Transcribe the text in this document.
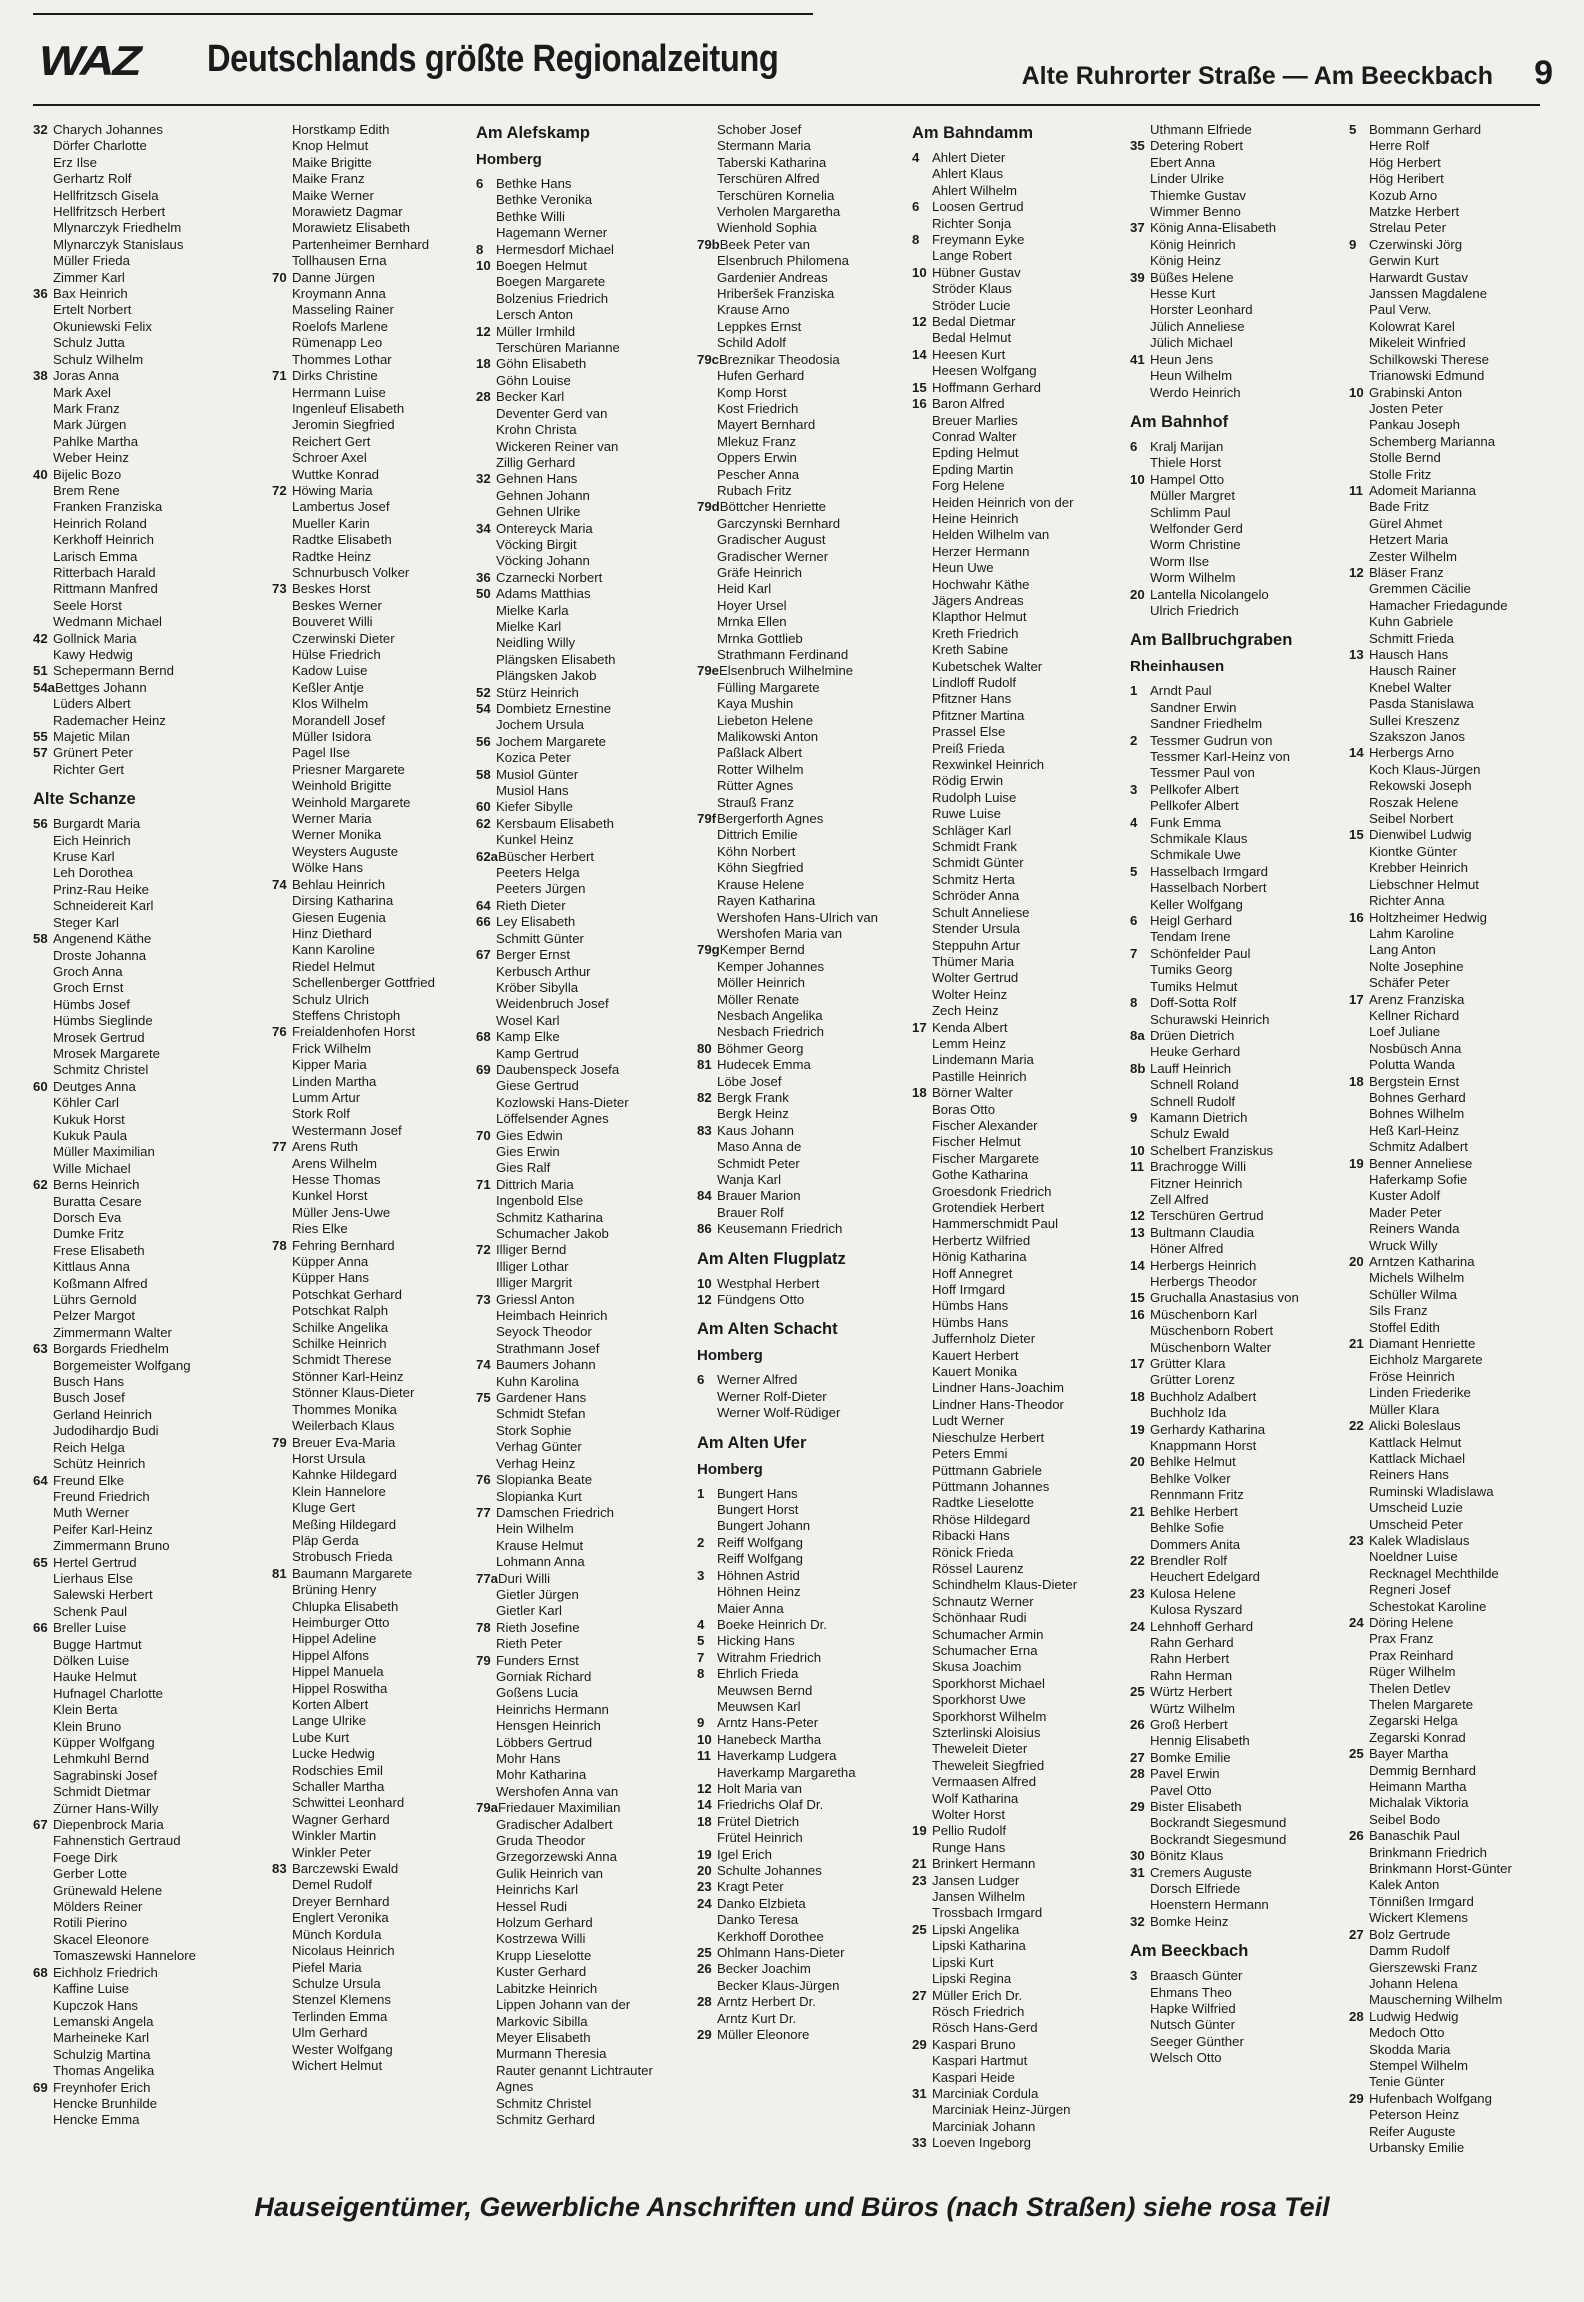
WAZ Deutschlands größte Regionalzeitung	Alte Ruhrorter Straße — Am Beeckbach 9
32 Charych Johannes
Dörfer Charlotte
Erz Ilse
Gerhartz Rolf
Hellfritzsch Gisela
Hellfritzsch Herbert
Mlynarczyk Friedhelm
Mlynarczyk Stanislaus
Müller Frieda
Zimmer Karl
36 Bax Heinrich
Ertelt Norbert
Okuniewski Felix
Schulz Jutta
Schulz Wilhelm
38 Joras Anna
Mark Axel
Mark Franz
Mark Jürgen
Pahlke Martha
Weber Heinz
40 Bijelic Bozo
Brem Rene
Franken Franziska
Heinrich Roland
Kerkhoff Heinrich
Larisch Emma
Ritterbach Harald
Rittmann Manfred
Seele Horst
Wedmann Michael
42 Gollnick Maria
Kawy Hedwig
51 Schepermann Bernd
54aBettges Johann
Lüders Albert
Rademacher Heinz
55 Majetic Milan
57 Grünert Peter
Richter Gert
Alte Schanze
56 Burgardt Maria
Eich Heinrich
Kruse Karl
Leh Dorothea
Prinz-Rau Heike
Schneidereit Karl
Steger Karl
58 Angenend Käthe
Droste Johanna
Groch Anna
Groch Ernst
Hümbs Josef
Hümbs Sieglinde
Mrosek Gertrud
Mrosek Margarete
Schmitz Christel
60 Deutges Anna
Köhler Carl
Kukuk Horst
Kukuk Paula
Müller Maximilian
Wille Michael
62 Berns Heinrich
Buratta Cesare
Dorsch Eva
Dumke Fritz
Frese Elisabeth
Kittlaus Anna
Koßmann Alfred
Lührs Gernold
Pelzer Margot
Zimmermann Walter
63 Borgards Friedhelm
Borgemeister Wolfgang
Busch Hans
Busch Josef
Gerland Heinrich
Judodihardjo Budi
Reich Helga
Schütz Heinrich
64 Freund Elke
Freund Friedrich
Muth Werner
Peifer Karl-Heinz
Zimmermann Bruno
65 Hertel Gertrud
Lierhaus Else
Salewski Herbert
Schenk Paul
66 Breller Luise
Bugge Hartmut
Dölken Luise
Hauke Helmut
Hufnagel Charlotte
Klein Berta
Klein Bruno
Küpper Wolfgang
Lehmkuhl Bernd
Sagrabinski Josef
Schmidt Dietmar
Zürner Hans-Willy
67 Diepenbrock Maria
Fahnenstich Gertraud
Foege Dirk
Gerber Lotte
Grünewald Helene
Mölders Reiner
Rotili Pierino
Skacel Eleonore
Tomaszewski Hannelore
68 Eichholz Friedrich
Kaffine Luise
Kupczok Hans
Lemanski Angela
Marheineke Karl
Schulzig Martina
Thomas Angelika
69 Freynhofer Erich
Hencke Brunhilde
Hencke Emma
Horstkamp Edith
Knop Helmut
Maike Brigitte
Maike Franz
Maike Werner
Morawietz Dagmar
Morawietz Elisabeth
Partenheimer Bernhard
Tollhausen Erna
70 Danne Jürgen
Kroymann Anna
Masseling Rainer
Roelofs Marlene
Rümenapp Leo
Thommes Lothar
71 Dirks Christine
Herrmann Luise
Ingenleuf Elisabeth
Jeromin Siegfried
Reichert Gert
Schroer Axel
Wuttke Konrad
72 Höwing Maria
Lambertus Josef
Mueller Karin
Radtke Elisabeth
Radtke Heinz
Schnurbusch Volker
73 Beskes Horst
Beskes Werner
Bouveret Willi
Czerwinski Dieter
Hülse Friedrich
Kadow Luise
Keßler Antje
Klos Wilhelm
Morandell Josef
Müller Isidora
Pagel Ilse
Priesner Margarete
Weinhold Brigitte
Weinhold Margarete
Werner Maria
Werner Monika
Weysters Auguste
Wölke Hans
74 Behlau Heinrich
Dirsing Katharina
Giesen Eugenia
Hinz Diethard
Kann Karoline
Riedel Helmut
Schellenberger Gottfried
Schulz Ulrich
Steffens Christoph
76 Freialdenhofen Horst
Frick Wilhelm
Kipper Maria
Linden Martha
Lumm Artur
Stork Rolf
Westermann Josef
77 Arens Ruth
Arens Wilhelm
Hesse Thomas
Kunkel Horst
Müller Jens-Uwe
Ries Elke
78 Fehring Bernhard
Küpper Anna
Küpper Hans
Potschkat Gerhard
Potschkat Ralph
Schilke Angelika
Schilke Heinrich
Schmidt Therese
Stönner Karl-Heinz
Stönner Klaus-Dieter
Thommes Monika
Weilerbach Klaus
79 Breuer Eva-Maria
Horst Ursula
Kahnke Hildegard
Klein Hannelore
Kluge Gert
Meßing Hildegard
Pläp Gerda
Strobusch Frieda
81 Baumann Margarete
Brüning Henry
Chlupka Elisabeth
Heimburger Otto
Hippel Adeline
Hippel Alfons
Hippel Manuela
Hippel Roswitha
Korten Albert
Lange Ulrike
Lube Kurt
Lucke Hedwig
Rodschies Emil
Schaller Martha
Schwittei Leonhard
Wagner Gerhard
Winkler Martin
Winkler Peter
83 Barczewski Ewald
Demel Rudolf
Dreyer Bernhard
Englert Veronika
Münch KorduIa
Nicolaus Heinrich
Piefel Maria
Schulze Ursula
Stenzel Klemens
Terlinden Emma
Ulm Gerhard
Wester Wolfgang
Wichert Helmut
Am Alefskamp
Homberg
6 Bethke Hans
Bethke Veronika
Bethke Willi
Hagemann Werner
8 Hermesdorf Michael
10 Boegen Helmut
Boegen Margarete
Bolzenius Friedrich
Lersch Anton
12 Müller Irmhild
Terschüren Marianne
18 Göhn Elisabeth
Göhn Louise
28 Becker Karl
Deventer Gerd van
Krohn Christa
Wickeren Reiner van
Zillig Gerhard
32 Gehnen Hans
Gehnen Johann
Gehnen Ulrike
34 Ontereyck Maria
Vöcking Birgit
Vöcking Johann
36 Czarnecki Norbert
50 Adams Matthias
Mielke Karla
Mielke Karl
Neidling Willy
Plängsken Elisabeth
Plängsken Jakob
52 Stürz Heinrich
54 Dombietz Ernestine
Jochem Ursula
56 Jochem Margarete
Kozica Peter
58 Musiol Günter
Musiol Hans
60 Kiefer Sibylle
62 Kersbaum Elisabeth
Kunkel Heinz
62aBüscher Herbert
Peeters Helga
Peeters Jürgen
64 Rieth Dieter
66 Ley Elisabeth
Schmitt Günter
67 Berger Ernst
Kerbusch Arthur
Kröber Sibylla
Weidenbruch Josef
Wosel Karl
68 Kamp Elke
Kamp Gertrud
69 Daubenspeck Josefa
Giese Gertrud
Kozlowski Hans-Dieter
Löffelsender Agnes
70 Gies Edwin
Gies Erwin
Gies Ralf
71 Dittrich Maria
Ingenbold Else
Schmitz Katharina
Schumacher Jakob
72 Illiger Bernd
Illiger Lothar
Illiger Margrit
73 Griessl Anton
Heimbach Heinrich
Seyock Theodor
Strathmann Josef
74 Baumers Johann
Kuhn Karolina
75 Gardener Hans
Schmidt Stefan
Stork Sophie
Verhag Günter
Verhag Heinz
76 Slopianka Beate
Slopianka Kurt
77 Damschen Friedrich
Hein Wilhelm
Krause Helmut
Lohmann Anna
77aDuri Willi
Gietler Jürgen
Gietler Karl
78 Rieth Josefine
Rieth Peter
79 Funders Ernst
Gorniak Richard
Goßens Lucia
Heinrichs Hermann
Hensgen Heinrich
Löbbers Gertrud
Mohr Hans
Mohr Katharina
Wershofen Anna van
79aFriedauer Maximilian
Gradischer Adalbert
Gruda Theodor
Grzegorzewski Anna
Gulik Heinrich van
Heinrichs Karl
Hessel Rudi
Holzum Gerhard
Kostrzewa Willi
Krupp Lieselotte
Kuster Gerhard
Labitzke Heinrich
Lippen Johann van der
Markovic Sibilla
Meyer Elisabeth
Murmann Theresia
Rauter genannt Lichtrauter
Agnes
Schmitz Christel
Schmitz Gerhard
Schober Josef
Stermann Maria
Taberski Katharina
Terschüren Alfred
Terschüren Kornelia
Verholen Margaretha
Wienhold Sophia
79bBeek Peter van
Elsenbruch Philomena
Gardenier Andreas
Hriberšek Franziska
Krause Arno
Leppkes Ernst
Schild Adolf
79cBreznikar Theodosia
Hufen Gerhard
Komp Horst
Kost Friedrich
Mayert Bernhard
Mlekuz Franz
Oppers Erwin
Pescher Anna
Rubach Fritz
79dBöttcher Henriette
Garczynski Bernhard
Gradischer August
Gradischer Werner
Gräfe Heinrich
Heid Karl
Hoyer Ursel
Mrnka Ellen
Mrnka Gottlieb
Strathmann Ferdinand
79eElsenbruch Wilhelmine
Fülling Margarete
Kaya Mushin
Liebeton Helene
Malikowski Anton
Paßlack Albert
Rotter Wilhelm
Rütter Agnes
Strauß Franz
79fBergerforth Agnes
Dittrich Emilie
Köhn Norbert
Köhn Siegfried
Krause Helene
Rayen Katharina
Wershofen Hans-Ulrich van
Wershofen Maria van
79gKemper Bernd
Kemper Johannes
Möller Heinrich
Möller Renate
Nesbach Angelika
Nesbach Friedrich
80 Böhmer Georg
81 Hudecek Emma
Löbe Josef
82 Bergk Frank
Bergk Heinz
83 Kaus Johann
Maso Anna de
Schmidt Peter
Wanja Karl
84 Brauer Marion
Brauer Rolf
86 Keusemann Friedrich
Am Alten Flugplatz
10 Westphal Herbert
12 Fündgens Otto
Am Alten Schacht
Homberg
6 Werner Alfred
Werner Rolf-Dieter
Werner Wolf-Rüdiger
Am Alten Ufer
Homberg
1 Bungert Hans
Bungert Horst
Bungert Johann
2 Reiff Wolfgang
Reiff Wolfgang
3 Höhnen Astrid
Höhnen Heinz
Maier Anna
4 Boeke Heinrich Dr.
5 Hicking Hans
7 Witrahm Friedrich
8 Ehrlich Frieda
Meuwsen Bernd
Meuwsen Karl
9 Arntz Hans-Peter
10 Hanebeck Martha
11 Haverkamp Ludgera
Haverkamp Margaretha
12 Holt Maria van
14 Friedrichs Olaf Dr.
18 Frütel Dietrich
Frütel Heinrich
19 Igel Erich
20 Schulte Johannes
23 Kragt Peter
24 Danko Elzbieta
Danko Teresa
Kerkhoff Dorothee
25 Ohlmann Hans-Dieter
26 Becker Joachim
Becker Klaus-Jürgen
28 Arntz Herbert Dr.
Arntz Kurt Dr.
29 Müller Eleonore
Am Bahndamm
4 Ahlert Dieter
Ahlert Klaus
Ahlert Wilhelm
6 Loosen Gertrud
Richter Sonja
8 Freymann Eyke
Lange Robert
10 Hübner Gustav
Ströder Klaus
Ströder Lucie
12 Bedal Dietmar
Bedal Helmut
14 Heesen Kurt
Heesen Wolfgang
15 Hoffmann Gerhard
16 Baron Alfred
Breuer Marlies
Conrad Walter
Epding Helmut
Epding Martin
Forg Helene
Heiden Heinrich von der
Heine Heinrich
Helden Wilhelm van
Herzer Hermann
Heun Uwe
Hochwahr Käthe
Jägers Andreas
Klapthor Helmut
Kreth Friedrich
Kreth Sabine
Kubetschek Walter
Lindloff Rudolf
Pfitzner Hans
Pfitzner Martina
Prassel Else
Preiß Frieda
Rexwinkel Heinrich
Rödig Erwin
Rudolph Luise
Ruwe Luise
Schläger Karl
Schmidt Frank
Schmidt Günter
Schmitz Herta
Schröder Anna
Schult Anneliese
Stender Ursula
Steppuhn Artur
Thümer Maria
Wolter Gertrud
Wolter Heinz
Zech Heinz
17 Kenda Albert
Lemm Heinz
Lindemann Maria
Pastille Heinrich
18 Börner Walter
Boras Otto
Fischer Alexander
Fischer Helmut
Fischer Margarete
Gothe Katharina
Groesdonk Friedrich
Grotendiek Herbert
Hammerschmidt Paul
Herbertz Wilfried
Hönig Katharina
Hoff Annegret
Hoff Irmgard
Hümbs Hans
Hümbs Hans
Juffernholz Dieter
Kauert Herbert
Kauert Monika
Lindner Hans-Joachim
Lindner Hans-Theodor
Ludt Werner
Nieschulze Herbert
Peters Emmi
Püttmann Gabriele
Püttmann Johannes
Radtke Lieselotte
Rhöse Hildegard
Ribacki Hans
Rönick Frieda
Rössel Laurenz
Schindhelm Klaus-Dieter
Schnautz Werner
Schönhaar Rudi
Schumacher Armin
Schumacher Erna
Skusa Joachim
Sporkhorst Michael
Sporkhorst Uwe
Sporkhorst Wilhelm
Szterlinski Aloisius
Theweleit Dieter
Theweleit Siegfried
Vermaasen Alfred
Wolf Katharina
Wolter Horst
19 Pellio Rudolf
Runge Hans
21 Brinkert Hermann
23 Jansen Ludger
Jansen Wilhelm
Trossbach Irmgard
25 Lipski Angelika
Lipski Katharina
Lipski Kurt
Lipski Regina
27 Müller Erich Dr.
Rösch Friedrich
Rösch Hans-Gerd
29 Kaspari Bruno
Kaspari Hartmut
Kaspari Heide
31 Marciniak Cordula
Marciniak Heinz-Jürgen
Marciniak Johann
33 Loeven Ingeborg
Uthmann Elfriede
35 Detering Robert
Ebert Anna
Linder Ulrike
Thiemke Gustav
Wimmer Benno
37 König Anna-Elisabeth
König Heinrich
König Heinz
39 Büßes Helene
Hesse Kurt
Horster Leonhard
Jülich Anneliese
Jülich Michael
41 Heun Jens
Heun Wilhelm
Werdo Heinrich
Am Bahnhof
6 Kralj Marijan
Thiele Horst
10 Hampel Otto
Müller Margret
Schlimm Paul
Welfonder Gerd
Worm Christine
Worm Ilse
Worm Wilhelm
20 Lantella Nicolangelo
Ulrich Friedrich
Am Ballbruchgraben
Rheinhausen
1 Arndt Paul
Sandner Erwin
Sandner Friedhelm
2 Tessmer Gudrun von
Tessmer Karl-Heinz von
Tessmer Paul von
3 Pellkofer Albert
Pellkofer Albert
4 Funk Emma
Schmikale Klaus
Schmikale Uwe
5 Hasselbach Irmgard
Hasselbach Norbert
Keller Wolfgang
6 Heigl Gerhard
Tendam Irene
7 Schönfelder Paul
Tumiks Georg
Tumiks Helmut
8 Doff-Sotta Rolf
Schurawski Heinrich
8a Drüen Dietrich
Heuke Gerhard
8b Lauff Heinrich
Schnell Roland
Schnell Rudolf
9 Kamann Dietrich
Schulz Ewald
10 Schelbert Franziskus
11 Brachrogge Willi
Fitzner Heinrich
Zell Alfred
12 Terschüren Gertrud
13 Bultmann Claudia
Höner Alfred
14 Herbergs Heinrich
Herbergs Theodor
15 Gruchalla Anastasius von
16 Müschenborn Karl
Müschenborn Robert
Müschenborn Walter
17 Grütter Klara
Grütter Lorenz
18 Buchholz Adalbert
Buchholz Ida
19 Gerhardy Katharina
Knappmann Horst
20 Behlke Helmut
Behlke Volker
Rennmann Fritz
21 Behlke Herbert
Behlke Sofie
Dommers Anita
22 Brendler Rolf
Heuchert Edelgard
23 Kulosa Helene
Kulosa Ryszard
24 Lehnhoff Gerhard
Rahn Gerhard
Rahn Herbert
Rahn Herman
25 Würtz Herbert
Würtz Wilhelm
26 Groß Herbert
Hennig Elisabeth
27 Bomke Emilie
28 Pavel Erwin
Pavel Otto
29 Bister Elisabeth
Bockrandt Siegesmund
Bockrandt Siegesmund
30 Bönitz Klaus
31 Cremers Auguste
Dorsch Elfriede
Hoenstern Hermann
32 Bomke Heinz
Am Beeckbach
3 Braasch Günter
Ehmans Theo
Hapke Wilfried
Nutsch Günter
Seeger Günther
Welsch Otto
5 Bommann Gerhard
Herre Rolf
Hög Herbert
Hög Heribert
Kozub Arno
Matzke Herbert
Strelau Peter
9 Czerwinski Jörg
Gerwin Kurt
Harwardt Gustav
Janssen Magdalene
Paul Verw.
Kolowrat Karel
Mikeleit Winfried
Schilkowski Therese
Trianowski Edmund
10 Grabinski Anton
Josten Peter
Pankau Joseph
Schemberg Marianna
Stolle Bernd
Stolle Fritz
11 Adomeit Marianna
Bade Fritz
Gürel Ahmet
Hetzert Maria
Zester Wilhelm
12 Bläser Franz
Gremmen Cäcilie
Hamacher Friedagunde
Kuhn Gabriele
Schmitt Frieda
13 Hausch Hans
Hausch Rainer
Knebel Walter
Pasda Stanislawa
Sullei Kreszenz
Szakszon Janos
14 Herbergs Arno
Koch Klaus-Jürgen
Rekowski Joseph
Roszak Helene
Seibel Norbert
15 Dienwibel Ludwig
Kiontke Günter
Krebber Heinrich
Liebschner Helmut
Richter Anna
16 Holtzheimer Hedwig
Lahm Karoline
Lang Anton
Nolte Josephine
Schäfer Peter
17 Arenz Franziska
Kellner Richard
Loef Juliane
Nosbüsch Anna
Polutta Wanda
18 Bergstein Ernst
Bohnes Gerhard
Bohnes Wilhelm
Heß Karl-Heinz
Schmitz Adalbert
19 Benner Anneliese
Haferkamp Sofie
Kuster Adolf
Mader Peter
Reiners Wanda
Wruck Willy
20 Arntzen Katharina
Michels Wilhelm
Schüller Wilma
Sils Franz
Stoffel Edith
21 Diamant Henriette
Eichholz Margarete
Fröse Heinrich
Linden Friederike
Müller Klara
22 Alicki Boleslaus
Kattlack Helmut
Kattlack Michael
Reiners Hans
Ruminski Wladislawa
Umscheid Luzie
Umscheid Peter
23 Kalek Wladislaus
Noeldner Luise
Recknagel Mechthilde
Regneri Josef
Schestokat Karoline
24 Döring Helene
Prax Franz
Prax Reinhard
Rüger Wilhelm
Thelen Detlev
Thelen Margarete
Zegarski Helga
Zegarski Konrad
25 Bayer Martha
Demmig Bernhard
Heimann Martha
Michalak Viktoria
Seibel Bodo
26 Banaschik Paul
Brinkmann Friedrich
Brinkmann Horst-Günter
Kalek Anton
Tönnißen Irmgard
Wickert Klemens
27 Bolz Gertrude
Damm Rudolf
Gierszewski Franz
Johann Helena
Mauscherning Wilhelm
28 Ludwig Hedwig
Medoch Otto
Skodda Maria
Stempel Wilhelm
Tenie Günter
29 Hufenbach Wolfgang
Peterson Heinz
Reifer Auguste
Urbansky Emilie
Hauseigentümer, Gewerbliche Anschriften und Büros (nach Straßen) siehe rosa Teil
